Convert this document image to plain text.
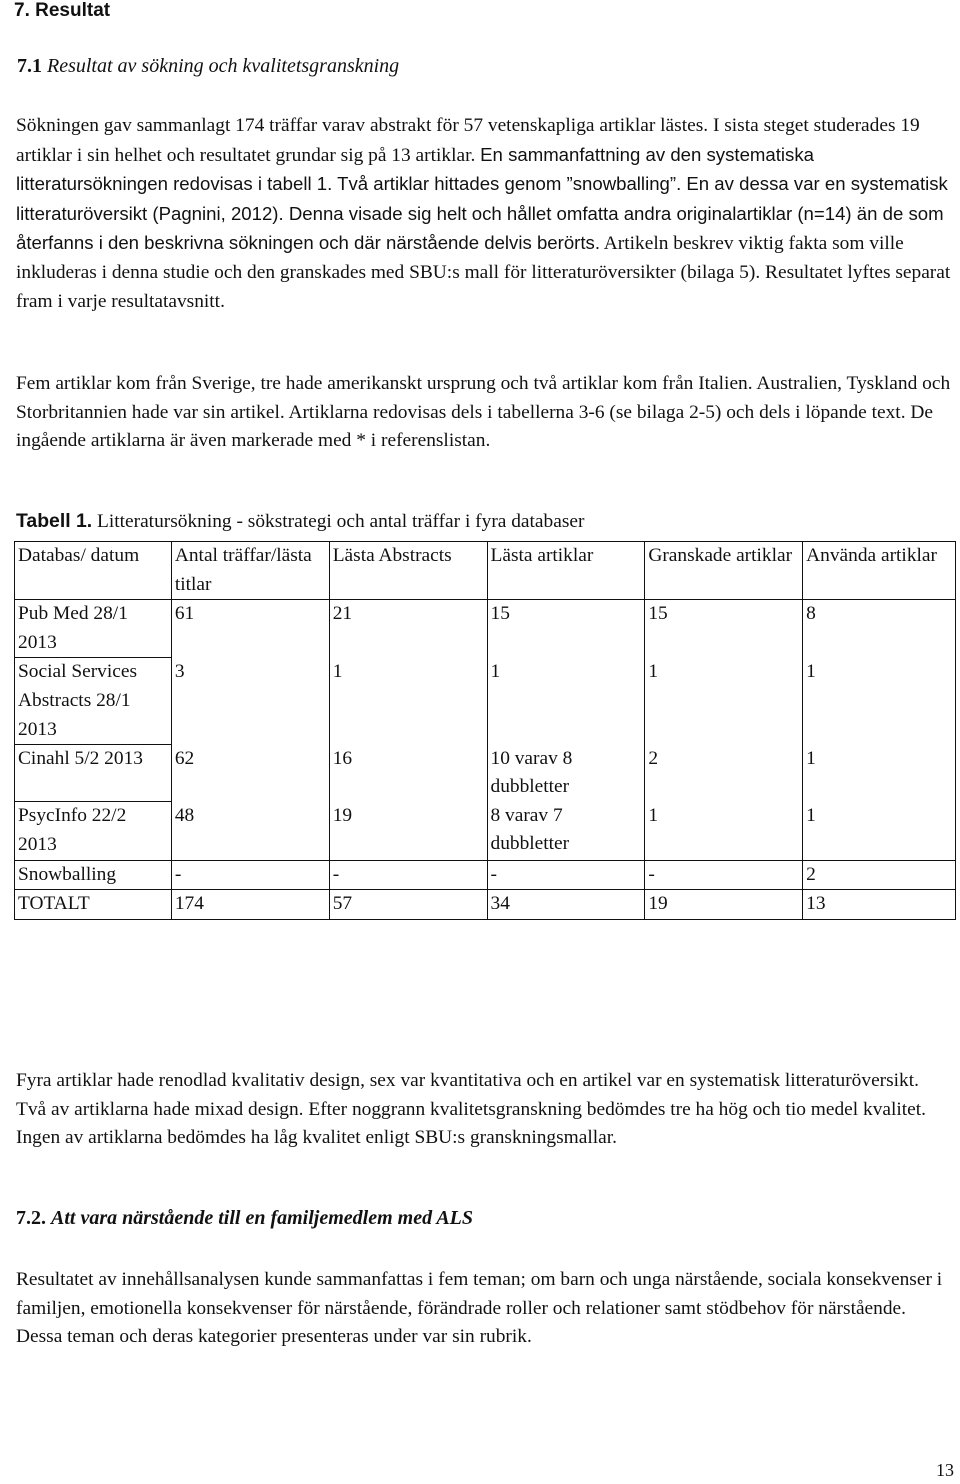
7. Resultat
7.1 Resultat av sökning och kvalitetsgranskning
Sökningen gav sammanlagt 174 träffar varav abstrakt för 57 vetenskapliga artiklar lästes. I sista steget studerades 19 artiklar i sin helhet och resultatet grundar sig på 13 artiklar. En sammanfattning av den systematiska litteratursökningen redovisas i tabell 1. Två artiklar hittades genom ”snowballing”. En av dessa var en systematisk litteraturöversikt (Pagnini, 2012). Denna visade sig helt och hållet omfatta andra originalartiklar (n=14) än de som återfanns i den beskrivna sökningen och där närstående delvis berörts. Artikeln beskrev viktig fakta som ville inkluderas i denna studie och den granskades med SBU:s mall för litteraturöversikter (bilaga 5). Resultatet lyftes separat fram i varje resultatavsnitt.
Fem artiklar kom från Sverige, tre hade amerikanskt ursprung och två artiklar kom från Italien. Australien, Tyskland och Storbritannien hade var sin artikel. Artiklarna redovisas dels i tabellerna 3-6 (se bilaga 2-5) och dels i löpande text. De ingående artiklarna är även markerade med * i referenslistan.
Tabell 1. Litteratursökning - sökstrategi och antal träffar i fyra databaser
Databas/ datum	Antal träffar/lästa titlar	Lästa Abstracts	Lästa artiklar	Granskade artiklar	Använda artiklar
Pub Med 28/1 2013	61	21	15	15	8
Social Services Abstracts 28/1 2013	3	1	1	1	1
Cinahl 5/2 2013	62	16	10 varav 8 dubbletter	2	1
PsycInfo 22/2 2013	48	19	8 varav 7 dubbletter	1	1
Snowballing	-	-	-	-	2
TOTALT	174	57	34	19	13
Fyra artiklar hade renodlad kvalitativ design, sex var kvantitativa och en artikel var en systematisk litteraturöversikt. Två av artiklarna hade mixad design. Efter noggrann kvalitetsgranskning bedömdes tre ha hög och tio medel kvalitet. Ingen av artiklarna bedömdes ha låg kvalitet enligt SBU:s granskningsmallar.
7.2. Att vara närstående till en familjemedlem med ALS
Resultatet av innehållsanalysen kunde sammanfattas i fem teman; om barn och unga närstående, sociala konsekvenser i familjen, emotionella konsekvenser för närstående, förändrade roller och relationer samt stödbehov för närstående. Dessa teman och deras kategorier presenteras under var sin rubrik.
13
